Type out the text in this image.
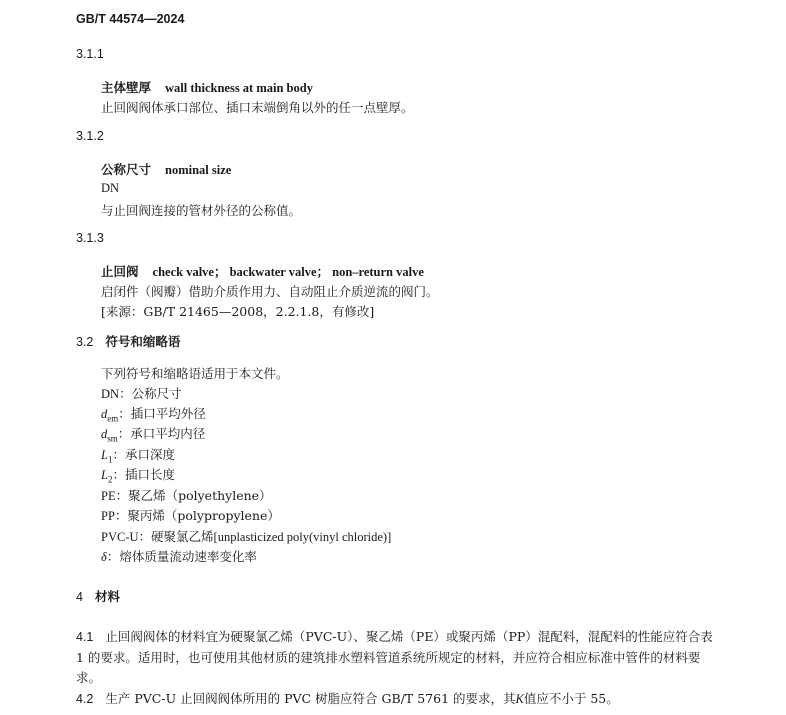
GB/T 44574—2024
3.1.1
主体壁厚 wall thickness at main body
止回阀阀体承口部位、插口末端倒角以外的任一点壁厚。
3.1.2
公称尺寸 nominal size
DN
与止回阀连接的管材外径的公称值。
3.1.3
止回阀 check valve； backwater valve； non–return valve
启闭件（阀瓣）借助介质作用力、自动阻止介质逆流的阀门。
[来源：GB/T 21465—2008，2.2.1.8，有修改]
3.2 符号和缩略语
下列符号和缩略语适用于本文件。
DN：公称尺寸
$d_{em}$：插口平均外径
$d_{sm}$：承口平均内径
$L_1$：承口深度
$L_2$：插口长度
PE：聚乙烯（polyethylene）
PP：聚丙烯（polypropylene）
PVC-U：硬聚氯乙烯[unplasticized poly(vinyl chloride)]
δ：熔体质量流动速率变化率
4 材料
4.1 止回阀阀体的材料宜为硬聚氯乙烯（PVC-U）、聚乙烯（PE）或聚丙烯（PP）混配料，混配料的性能应符合表 1 的要求。适用时，也可使用其他材质的建筑排水塑料管道系统所规定的材料，并应符合相应标准中管件的材料要求。
4.2 生产 PVC-U 止回阀阀体所用的 PVC 树脂应符合 GB/T 5761 的要求，其K值应不小于 55。
